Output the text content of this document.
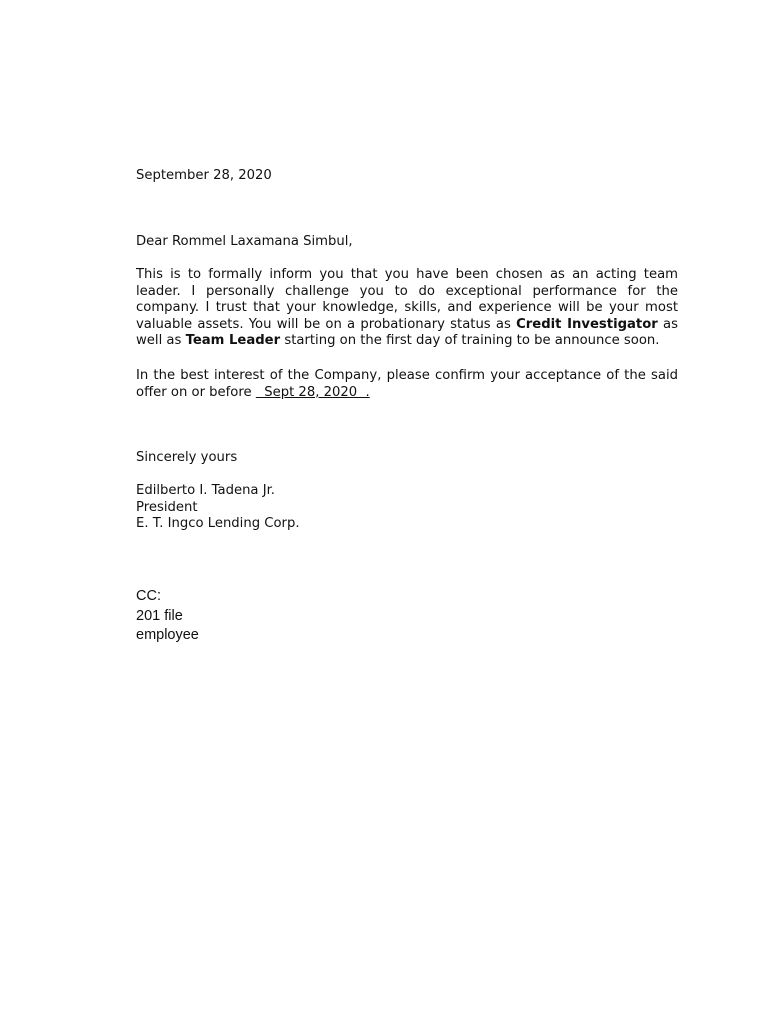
September 28, 2020

Dear Rommel Laxamana Simbul,

This is to formally inform you that you have been chosen as an acting team leader. I personally challenge you to do exceptional performance for the company. I trust that your knowledge, skills, and experience will be your most valuable assets. You will be on a probationary status as Credit Investigator as well as Team Leader starting on the first day of training to be announce soon.

In the best interest of the Company, please confirm your acceptance of the said offer on or before   Sept 28, 2020  .

Sincerely yours

Edilberto I. Tadena Jr.
President
E. T. Ingco Lending Corp.
CC:
201 file
employee
